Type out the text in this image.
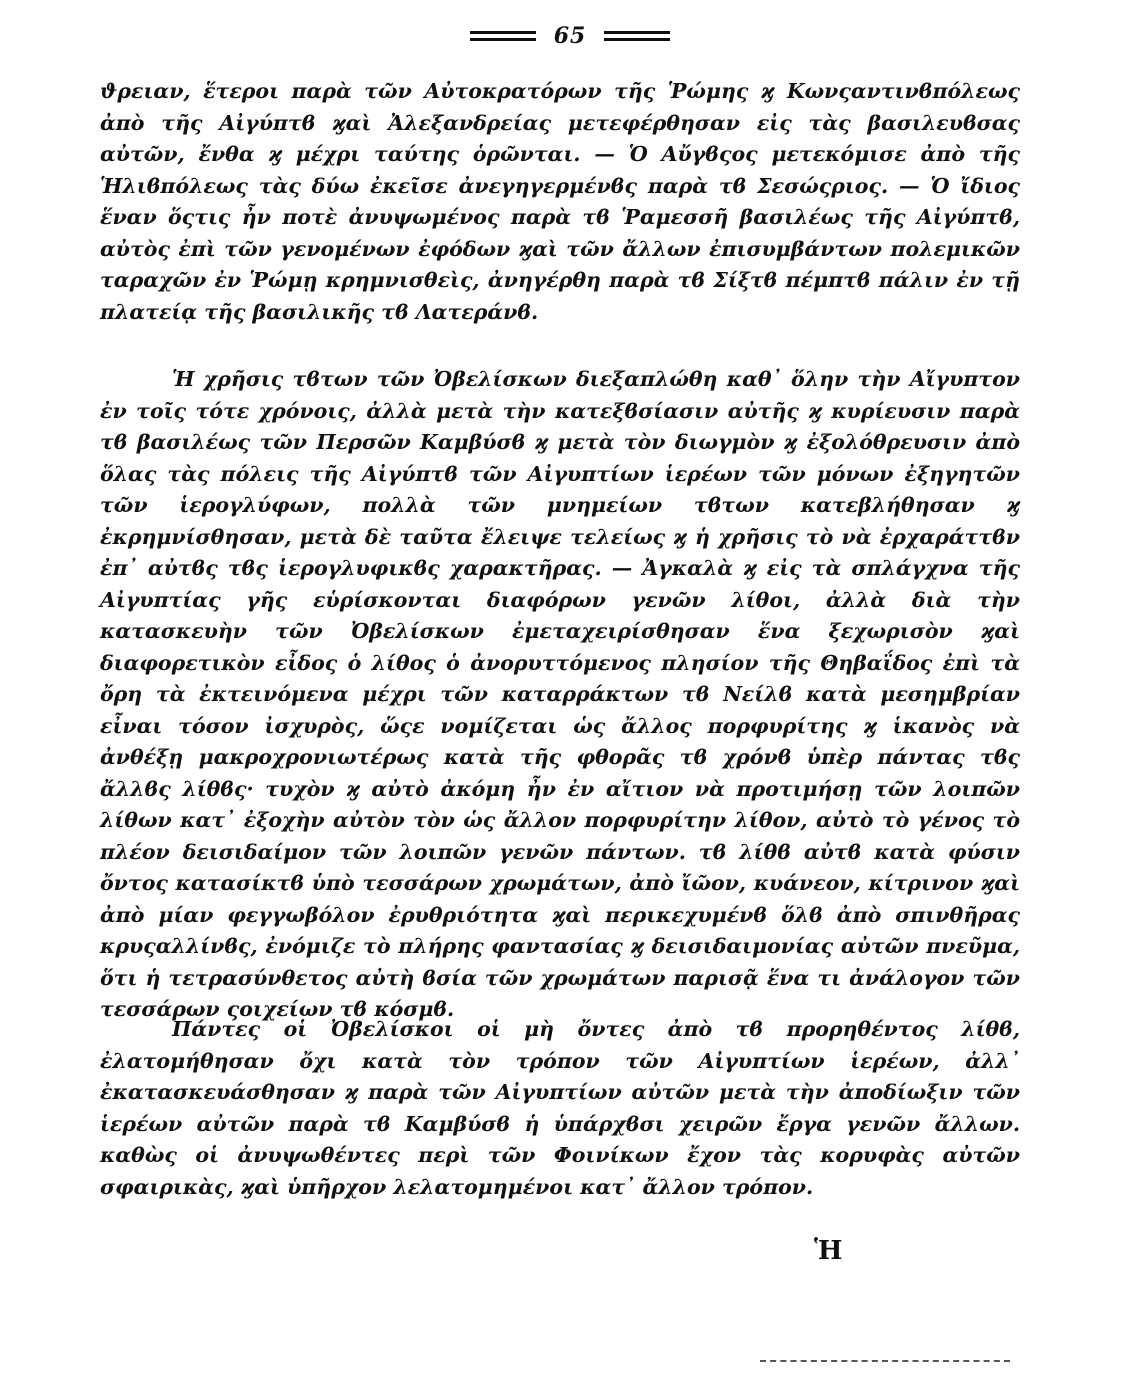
65

ϑρειαν, ἕτεροι παρὰ τῶν Αὐτοκρατόρων τῆς Ῥώμης ϗ Κωνςαντινϐπόλεως ἀπὸ τῆς Αἰγύπτϐ ϗαὶ Ἀλεξανδρείας μετεφέρθησαν εἰς τὰς βασιλευϐσας αὐτῶν, ἔνθα ϗ μέχρι ταύτης ὁρῶνται. — Ὁ Αὔγϐςος μετεκόμισε ἀπὸ τῆς Ἡλιϐπόλεως τὰς δύω ἐκεῖσε ἀνεγηγερμένϐς παρὰ τϐ Σεσώςριος. — Ὁ ἴδιος ἕναν ὅςτις ἦν ποτὲ ἀνυψωμένος παρὰ τϐ Ῥαμεσσῆ βασιλέως τῆς Αἰγύπτϐ, αὐτὸς ἐπὶ τῶν γενομένων ἐφόδων ϗαὶ τῶν ἄλλων ἐπισυμβάντων πολεμικῶν ταραχῶν ἐν Ῥώμῃ κρημνισθεὶς, ἀνηγέρθη παρὰ τϐ Σίξτϐ πέμπτϐ πάλιν ἐν τῇ πλατείᾳ τῆς βασιλικῆς τϐ Λατεράνϐ.

Ἡ χρῆσις τϐτων τῶν Ὀβελίσκων διεξαπλώθη καθ᾽ ὅλην τὴν Αἴγυπτον ἐν τοῖς τότε χρόνοις, ἀλλὰ μετὰ τὴν κατεξϐσίασιν αὐτῆς ϗ κυρίευσιν παρὰ τϐ βασιλέως τῶν Περσῶν Καμβύσϐ ϗ μετὰ τὸν διωγμὸν ϗ ἐξολόθρευσιν ἀπὸ ὅλας τὰς πόλεις τῆς Αἰγύπτϐ τῶν Αἰγυπτίων ἱερέων τῶν μόνων ἐξηγητῶν τῶν ἱερογλύφων, πολλὰ τῶν μνημείων τϐτων κατεβλήθησαν ϗ ἐκρημνίσθησαν, μετὰ δὲ ταῦτα ἔλειψε τελείως ϗ ἡ χρῆσις τὸ νὰ ἐρχαράττϐν ἐπ᾽ αὐτϐς τϐς ἱερογλυφικϐς χαρακτῆρας. — Ἀγκαλὰ ϗ εἰς τὰ σπλάγχνα τῆς Αἰγυπτίας γῆς εὑρίσκονται διαφόρων γενῶν λίθοι, ἀλλὰ διὰ τὴν κατασκευὴν τῶν Ὀβελίσκων ἐμεταχειρίσθησαν ἕνα ξεχωρισὸν ϗαὶ διαφορετικὸν εἶδος ὁ λίθος ὁ ἀνορυττόμενος πλησίον τῆς Θηβαΐδος ἐπὶ τὰ ὄρη τὰ ἐκτεινόμενα μέχρι τῶν καταρράκτων τϐ Νείλϐ κατὰ μεσημβρίαν εἶναι τόσον ἰσχυρὸς, ὥςε νομίζεται ὡς ἄλλος πορφυρίτης ϗ ἱκανὸς νὰ ἀνθέξῃ μακροχρονιωτέρως κατὰ τῆς φθορᾶς τϐ χρόνϐ ὑπὲρ πάντας τϐς ἄλλϐς λίθϐς· τυχὸν ϗ αὐτὸ ἀκόμη ἦν ἐν αἴτιον νὰ προτιμήσῃ τῶν λοιπῶν λίθων κατ᾽ ἐξοχὴν αὐτὸν τὸν ὡς ἄλλον πορφυρίτην λίθον, αὐτὸ τὸ γένος τὸ πλέον δεισιδαίμον τῶν λοιπῶν γενῶν πάντων. τϐ λίθϐ αὐτϐ κατὰ φύσιν ὄντος κατασίκτϐ ὑπὸ τεσσάρων χρωμάτων, ἀπὸ ἴῶον, κυάνεον, κίτρινον ϗαὶ ἀπὸ μίαν φεγγωβόλον ἐρυθριότητα ϗαὶ περικεχυμένϐ ὅλϐ ἀπὸ σπινθῆρας κρυςαλλίνϐς, ἐνόμιζε τὸ πλήρης φαντασίας ϗ δεισιδαιμονίας αὐτῶν πνεῦμα, ὅτι ἡ τετρασύνθετος αὐτὴ ϐσία τῶν χρωμάτων παρισᾷ ἕνα τι ἀνάλογον τῶν τεσσάρων ςοιχείων τϐ κόσμϐ.

Πάντες οἱ Ὀβελίσκοι οἱ μὴ ὄντες ἀπὸ τϐ προρηθέντος λίθϐ, ἐλατομήθησαν ὄχι κατὰ τὸν τρόπον τῶν Αἰγυπτίων ἱερέων, ἀλλ᾽ ἐκατασκευάσθησαν ϗ παρὰ τῶν Αἰγυπτίων αὐτῶν μετὰ τὴν ἀποδίωξιν τῶν ἱερέων αὐτῶν παρὰ τϐ Καμβύσϐ ἡ ὑπάρχϐσι χειρῶν ἔργα γενῶν ἄλλων. καθὼς οἱ ἀνυψωθέντες περὶ τῶν Φοινίκων ἔχον τὰς κορυφὰς αὐτῶν σφαιρικὰς, ϗαὶ ὑπῆρχον λελατομημένοι κατ᾽ ἄλλον τρόπον.

Ἡ
